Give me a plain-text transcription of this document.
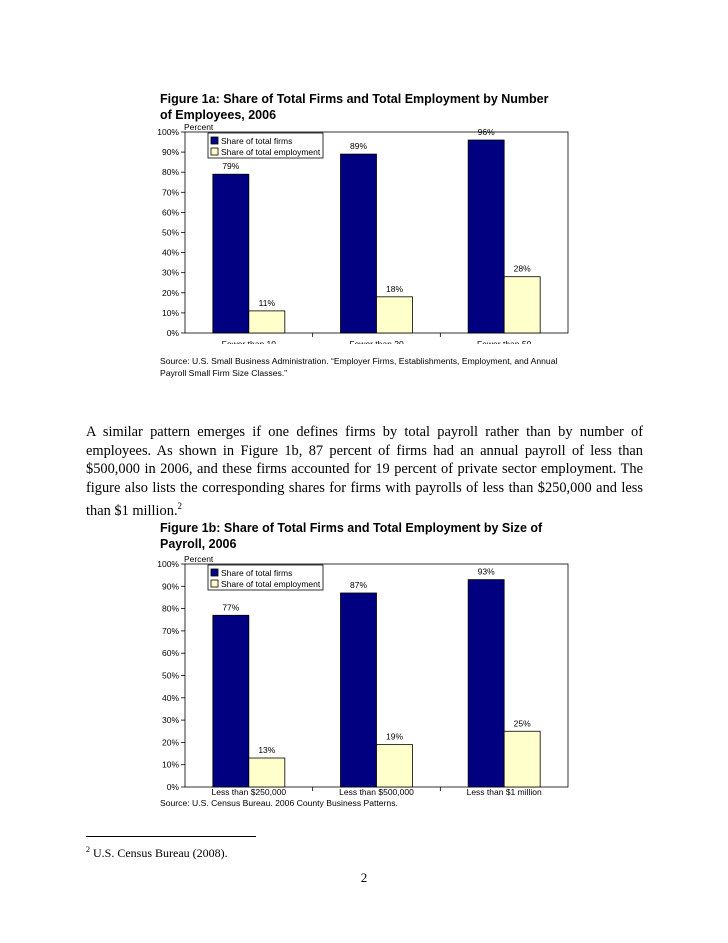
Figure 1a: Share of Total Firms and Total Employment by Number of Employees, 2006
Percent
0%
10%
20%
30%
40%
50%
60%
70%
80%
90%
100%
79%
11%
Fewer than 10
89%
18%
Fewer than 20
96%
28%
Fewer than 50
Share of total firms
Share of total employment
Source: U.S. Small Business Administration. “Employer Firms, Establishments, Employment, and Annual Payroll Small Firm Size Classes.”

A similar pattern emerges if one defines firms by total payroll rather than by number of employees. As shown in Figure 1b, 87 percent of firms had an annual payroll of less than $500,000 in 2006, and these firms accounted for 19 percent of private sector employment. The figure also lists the corresponding shares for firms with payrolls of less than $250,000 and less than $1 million.$^2$

Figure 1b: Share of Total Firms and Total Employment by Size of Payroll, 2006
Percent
0%
10%
20%
30%
40%
50%
60%
70%
80%
90%
100%
77%
13%
Less than $250,000
87%
19%
Less than $500,000
93%
25%
Less than $1 million
Share of total firms
Share of total employment
Source: U.S. Census Bureau. 2006 County Business Patterns.
$^2$ U.S. Census Bureau (2008).
2
